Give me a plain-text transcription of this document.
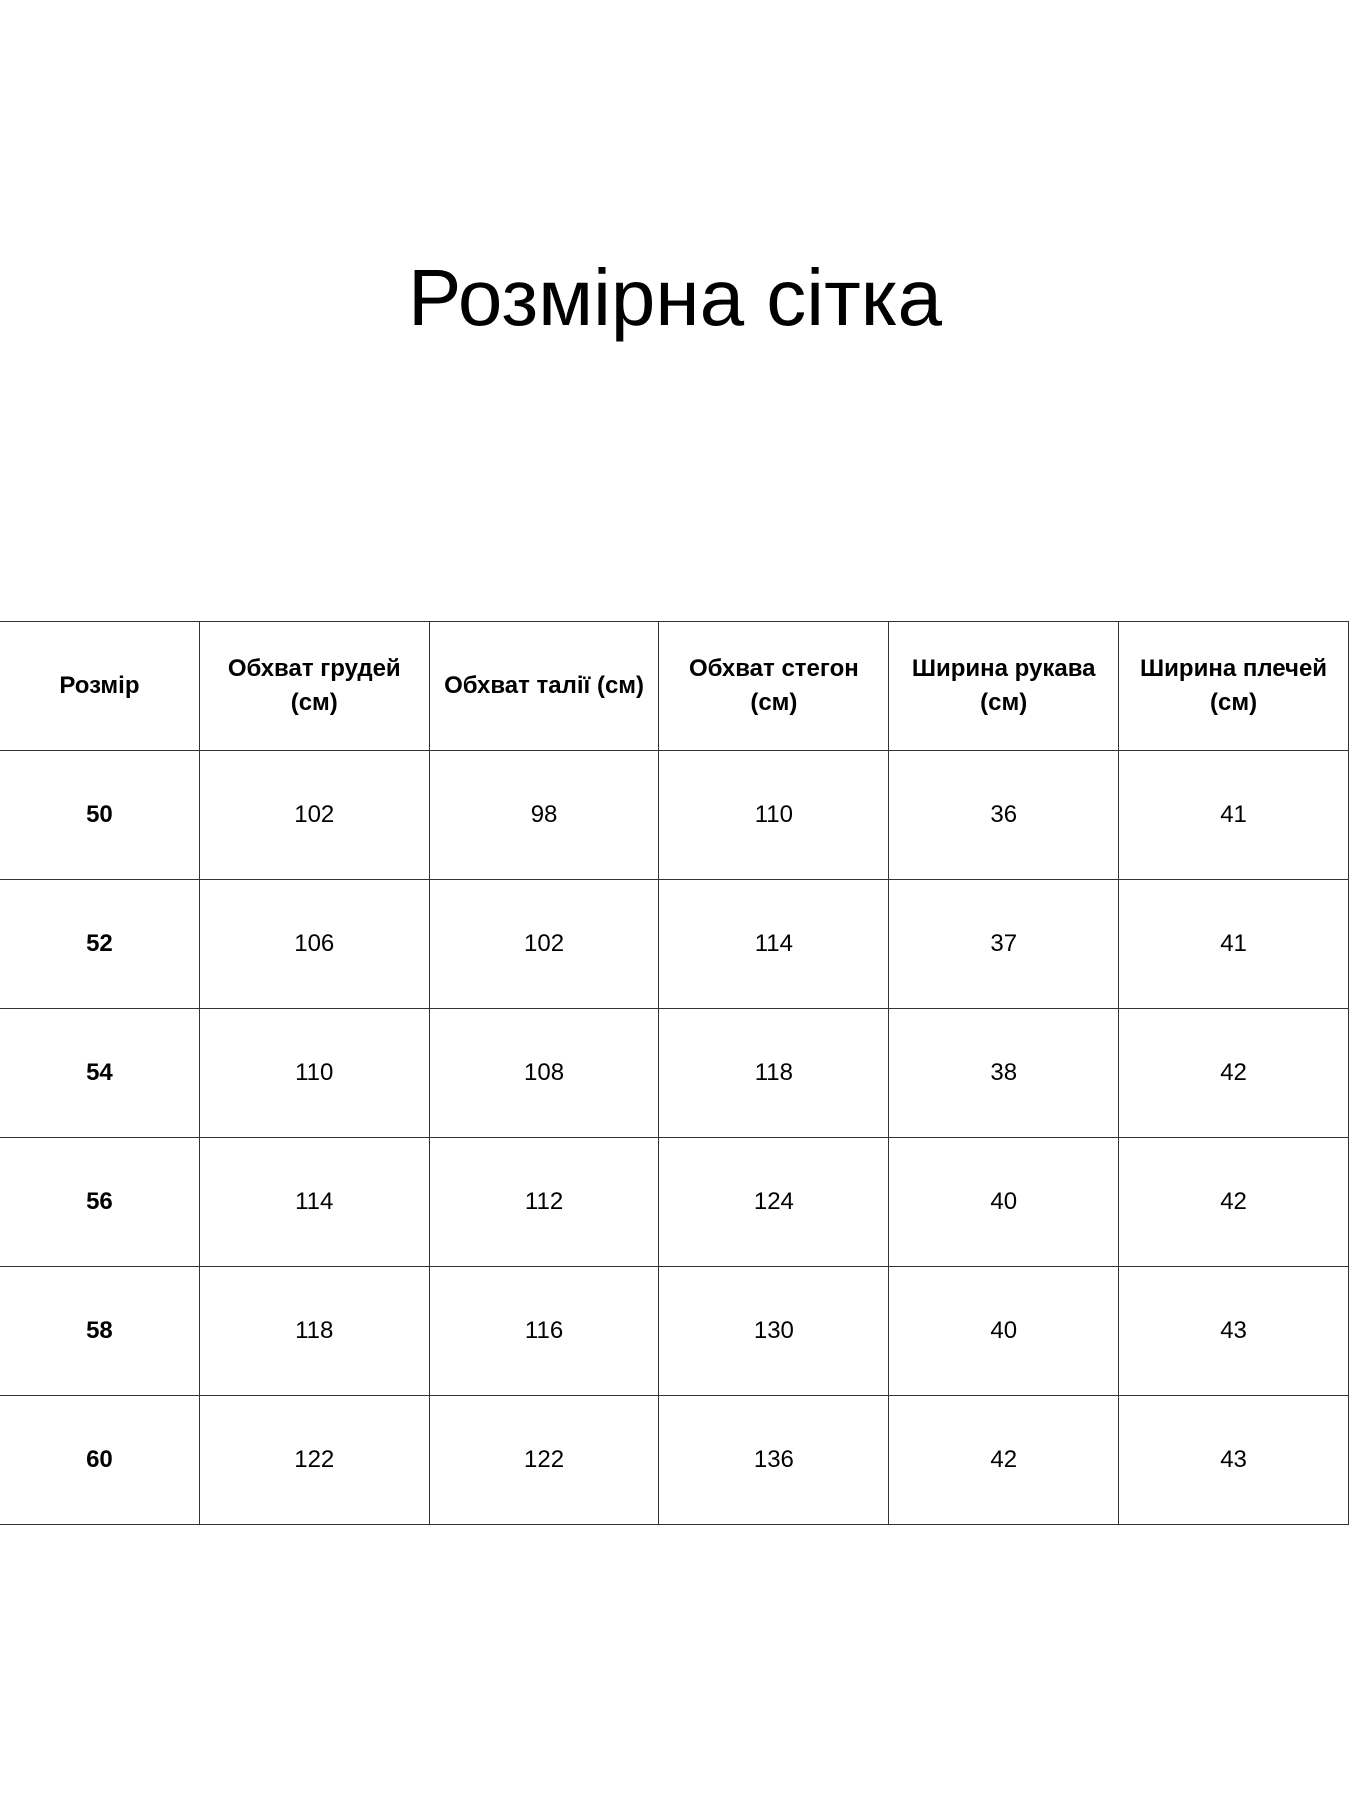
Розмірна сітка
Розмір	Обхват грудей (см)	Обхват талії (см)	Обхват стегон (см)	Ширина рукава (см)	Ширина плечей (см)
50	102	98	110	36	41
52	106	102	114	37	41
54	110	108	118	38	42
56	114	112	124	40	42
58	118	116	130	40	43
60	122	122	136	42	43
